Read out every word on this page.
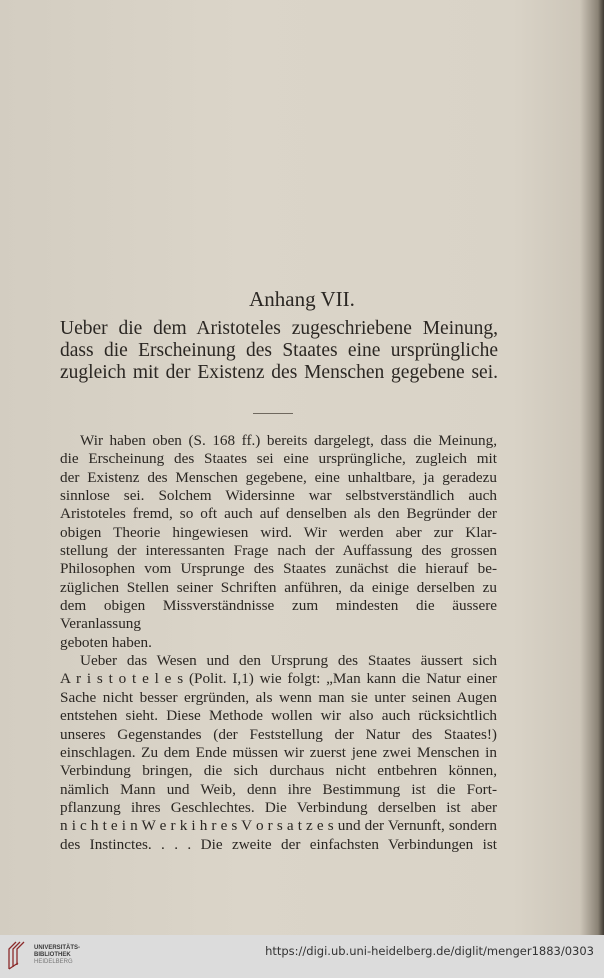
Anhang VII.
Ueber die dem Aristoteles zugeschriebene Meinung,
dass die Erscheinung des Staates eine ursprüngliche
zugleich mit der Existenz des Menschen gegebene sei.
Wir haben oben (S. 168 ff.) bereits dargelegt, dass die Meinung,
die Erscheinung des Staates sei eine ursprüngliche, zugleich mit
der Existenz des Menschen gegebene, eine unhaltbare, ja geradezu
sinnlose sei. Solchem Widersinne war selbstverständlich auch
Aristoteles fremd, so oft auch auf denselben als den Begründer der
obigen Theorie hingewiesen wird. Wir werden aber zur Klar-
stellung der interessanten Frage nach der Auffassung des grossen
Philosophen vom Ursprunge des Staates zunächst die hierauf be-
züglichen Stellen seiner Schriften anführen, da einige derselben zu
dem obigen Missverständnisse zum mindesten die äussere Veranlassung
geboten haben.
Ueber das Wesen und den Ursprung des Staates äussert sich
A r i s t o t e l e s (Polit. I,1) wie folgt: „Man kann die Natur einer
Sache nicht besser ergründen, als wenn man sie unter seinen Augen
entstehen sieht. Diese Methode wollen wir also auch rücksichtlich
unseres Gegenstandes (der Feststellung der Natur des Staates!)
einschlagen. Zu dem Ende müssen wir zuerst jene zwei Menschen in
Verbindung bringen, die sich durchaus nicht entbehren können,
nämlich Mann und Weib, denn ihre Bestimmung ist die Fort-
pflanzung ihres Geschlechtes. Die Verbindung derselben ist aber
n i c h t e i n W e r k i h r e s V o r s a t z e s und der Vernunft, sondern
des Instinctes. . . . Die zweite der einfachsten Verbindungen ist
UNIVERSITÄTS-
BIBLIOTHEK
HEIDELBERG
https://digi.ub.uni-heidelberg.de/diglit/menger1883/0303
